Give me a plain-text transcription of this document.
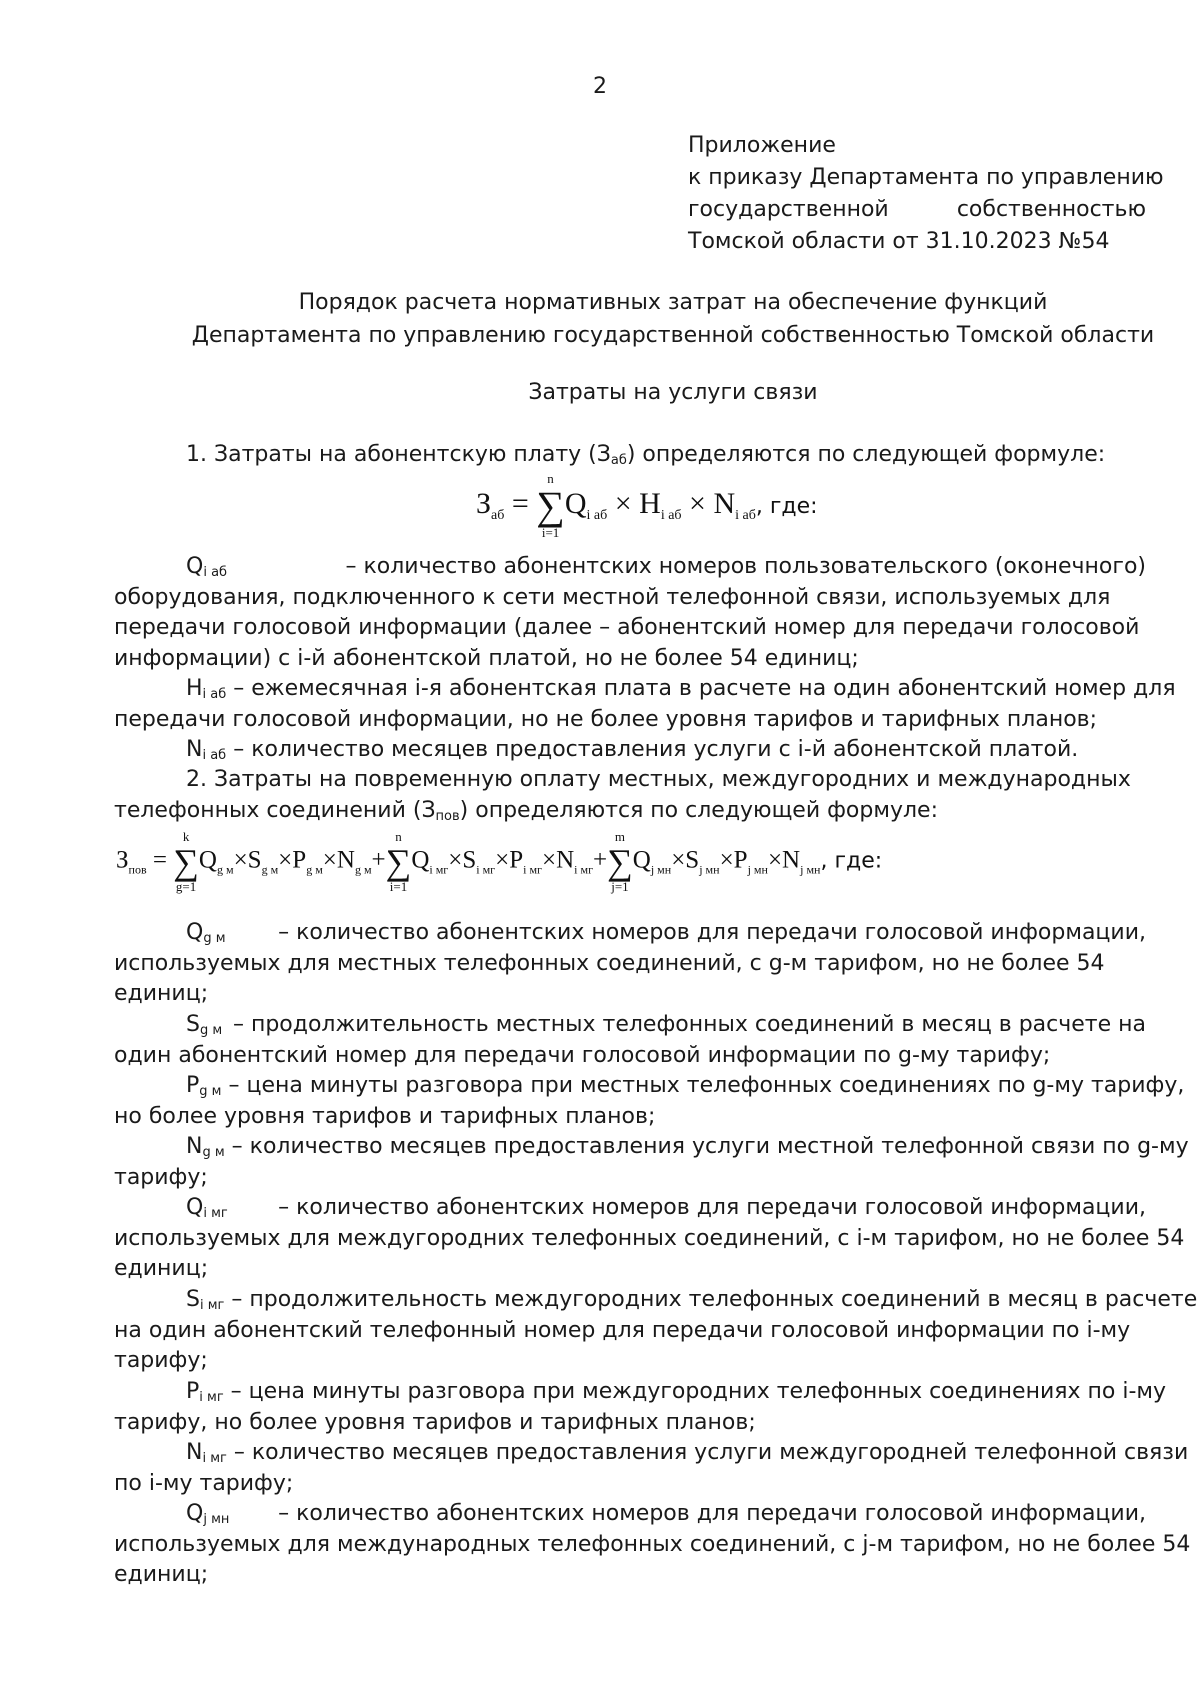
2
Приложение
к приказу Департамента по управлению
государственной	собственностью
Томской области от 31.10.2023 №54
Порядок расчета нормативных затрат на обеспечение функций
Департамента по управлению государственной собственностью Томской области
Затраты на услуги связи
1. Затраты на абонентскую плату $(З_{аб})$ определяются по следующей формуле:
$З_{аб}$ =
n
∑
i=1
$Q_{i аб} \times H_{i аб} \times N_{i аб}$, где:
$Q_{i аб}$	– количество абонентских номеров пользовательского (оконечного)
оборудования, подключенного к сети местной телефонной связи, используемых для
передачи голосовой информации (далее – абонентский номер для передачи голосовой
информации) с i-й абонентской платой, но не более 54 единиц;
$H_{i аб}$ – ежемесячная i-я абонентская плата в расчете на один абонентский номер для
передачи голосовой информации, но не более уровня тарифов и тарифных планов;
$N_{i аб}$ – количество месяцев предоставления услуги с i-й абонентской платой.
2. Затраты на повременную оплату местных, междугородних и международных
телефонных соединений $(З_{пов})$ определяются по следующей формуле:
$З_{пов}$ =
k
∑
g=1
$Q_{g м}\times S_{g м}\times P_{g м}\times N_{g м}+$
n
∑
i=1
$Q_{i мг}\times S_{i мг}\times P_{i мг}\times N_{i мг}+$
m
∑
j=1
$Q_{j мн}\times S_{j мн}\times P_{j мн}\times N_{j мн}$, где:
$Q_{g м}$ – количество абонентских номеров для передачи голосовой информации,
используемых для местных телефонных соединений, с g-м тарифом, но не более 54
единиц;
$S_{g м}$ – продолжительность местных телефонных соединений в месяц в расчете на
один абонентский номер для передачи голосовой информации по g-му тарифу;
$P_{g м}$ – цена минуты разговора при местных телефонных соединениях по g-му тарифу,
но более уровня тарифов и тарифных планов;
$N_{g м}$ – количество месяцев предоставления услуги местной телефонной связи по g-му
тарифу;
$Q_{i мг}$ – количество абонентских номеров для передачи голосовой информации,
используемых для междугородних телефонных соединений, с i-м тарифом, но не более 54
единиц;
$S_{i мг}$ – продолжительность междугородних телефонных соединений в месяц в расчете
на один абонентский телефонный номер для передачи голосовой информации по i-му
тарифу;
$P_{i мг}$ – цена минуты разговора при междугородних телефонных соединениях по i-му
тарифу, но более уровня тарифов и тарифных планов;
$N_{i мг}$ – количество месяцев предоставления услуги междугородней телефонной связи
по i-му тарифу;
$Q_{j мн}$ – количество абонентских номеров для передачи голосовой информации,
используемых для международных телефонных соединений, с j-м тарифом, но не более 54
единиц;
